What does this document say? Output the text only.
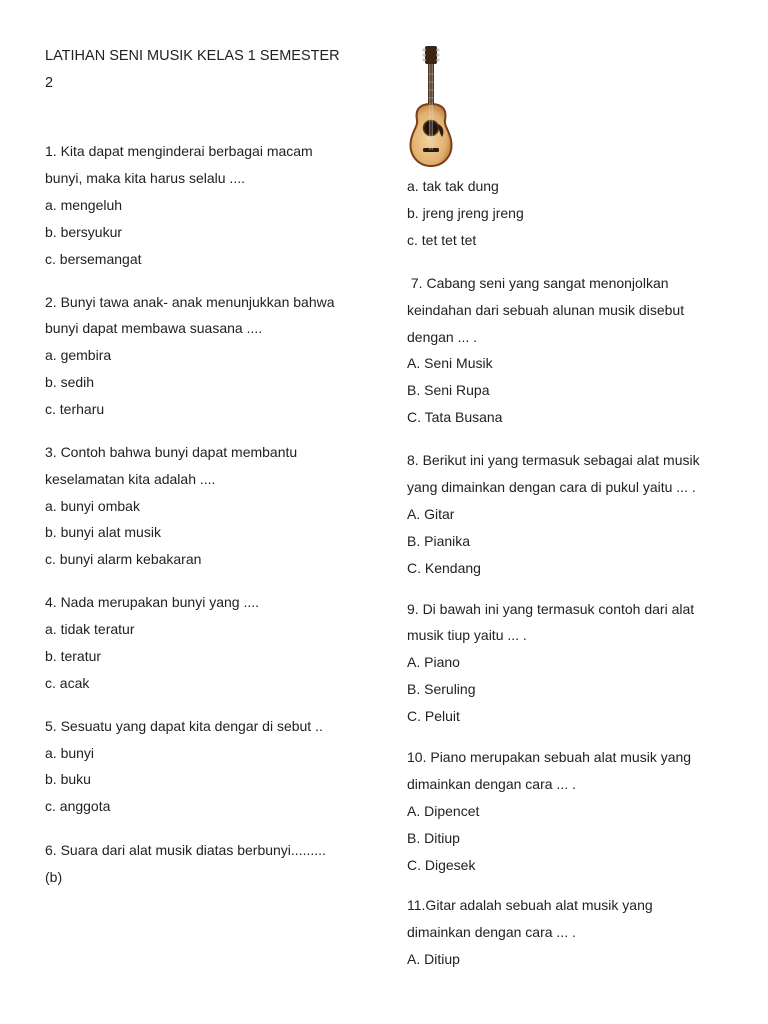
LATIHAN SENI MUSIK KELAS 1 SEMESTER
2
1. Kita dapat menginderai berbagai macam
bunyi, maka kita harus selalu ....
a. mengeluh
b. bersyukur
c. bersemangat
2. Bunyi tawa anak- anak menunjukkan bahwa
bunyi dapat membawa suasana ....
a. gembira
b. sedih
c. terharu
3. Contoh bahwa bunyi dapat membantu
keselamatan kita adalah ....
a. bunyi ombak
b. bunyi alat musik
c. bunyi alarm kebakaran
4. Nada merupakan bunyi yang ....
a. tidak teratur
b. teratur
c. acak
5. Sesuatu yang dapat kita dengar di sebut ..
a. bunyi
b. buku
c. anggota
6. Suara dari alat musik diatas berbunyi.........
(b)
a. tak tak dung
b. jreng jreng jreng
c. tet tet tet
7. Cabang seni yang sangat menonjolkan
keindahan dari sebuah alunan musik disebut
dengan ... .
A. Seni Musik
B. Seni Rupa
C. Tata Busana
8. Berikut ini yang termasuk sebagai alat musik
yang dimainkan dengan cara di pukul yaitu ... .
A. Gitar
B. Pianika
C. Kendang
9. Di bawah ini yang termasuk contoh dari alat
musik tiup yaitu ... .
A. Piano
B. Seruling
C. Peluit
10. Piano merupakan sebuah alat musik yang
dimainkan dengan cara ... .
A. Dipencet
B. Ditiup
C. Digesek
11.Gitar adalah sebuah alat musik yang
dimainkan dengan cara ... .
A. Ditiup
